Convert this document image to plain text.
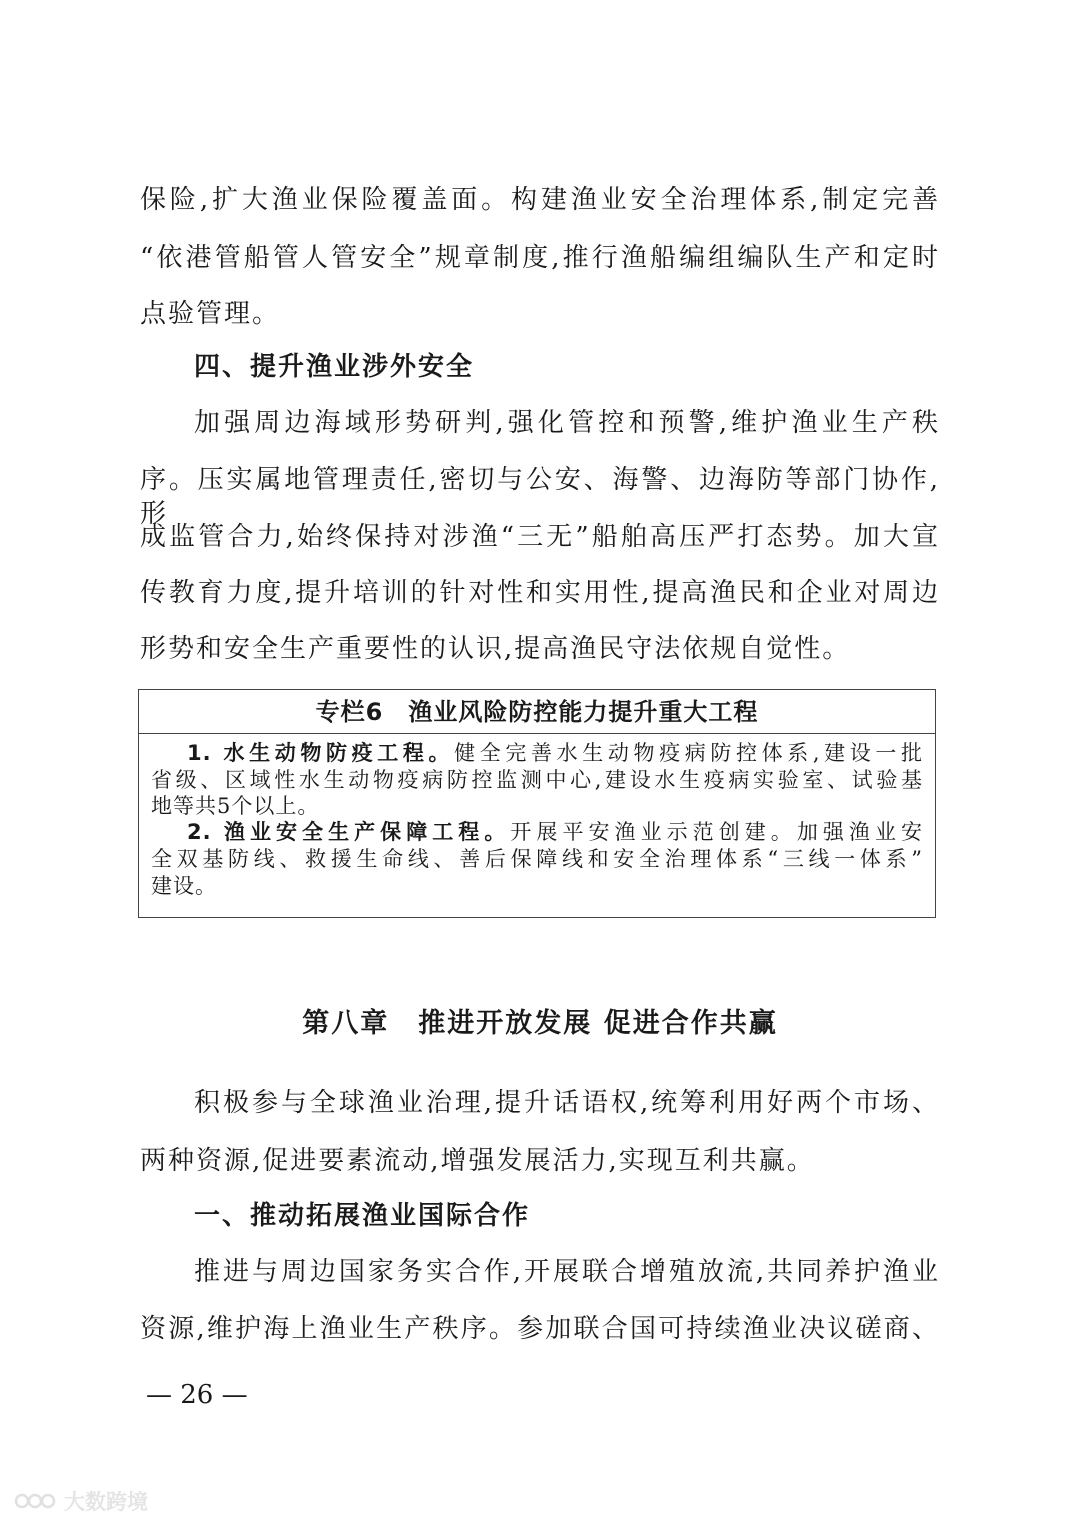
保险,扩大渔业保险覆盖面。构建渔业安全治理体系,制定完善
“依港管船管人管安全”规章制度,推行渔船编组编队生产和定时
点验管理。
四、提升渔业涉外安全
加强周边海域形势研判,强化管控和预警,维护渔业生产秩
序。压实属地管理责任,密切与公安、海警、边海防等部门协作,形
成监管合力,始终保持对涉渔“三无”船舶高压严打态势。加大宣
传教育力度,提升培训的针对性和实用性,提高渔民和企业对周边
形势和安全生产重要性的认识,提高渔民守法依规自觉性。
专栏6　渔业风险防控能力提升重大工程
1. 水生动物防疫工程。健全完善水生动物疫病防控体系,建设一批
省级、区域性水生动物疫病防控监测中心,建设水生疫病实验室、试验基
地等共5个以上。
2. 渔业安全生产保障工程。开展平安渔业示范创建。加强渔业安
全双基防线、救援生命线、善后保障线和安全治理体系“三线一体系”
建设。
第八章　推进开放发展 促进合作共赢
积极参与全球渔业治理,提升话语权,统筹利用好两个市场、
两种资源,促进要素流动,增强发展活力,实现互利共赢。
一、推动拓展渔业国际合作
推进与周边国家务实合作,开展联合增殖放流,共同养护渔业
资源,维护海上渔业生产秩序。参加联合国可持续渔业决议磋商、
— 26 —
大数跨境
